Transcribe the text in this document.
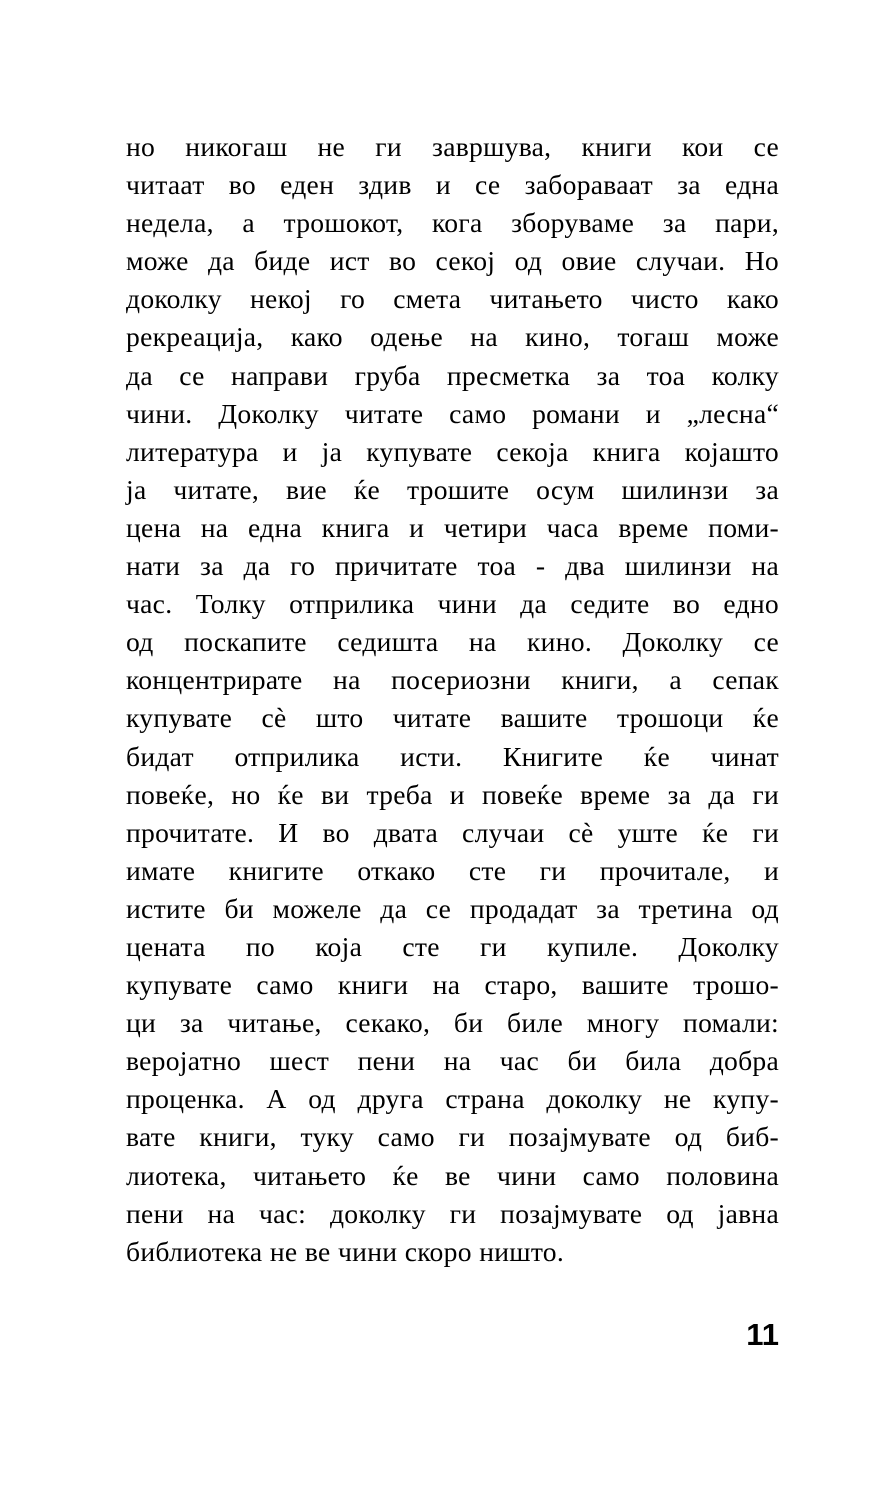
но никогаш не ги завршува, книги кои се
читаат во еден здив и се забораваат за една
недела, а трошокот, кога зборуваме за пари,
може да биде ист во секој од овие случаи. Но
доколку некој го смета читањето чисто како
рекреација, како одење на кино, тогаш може
да се направи груба пресметка за тоа колку
чини. Доколку читате само романи и „лесна“
литература и ја купувате секоја книга којашто
ја читате, вие ќе трошите осум шилинзи за
цена на една книга и четири часа време поми-
нати за да го причитате тоа - два шилинзи на
час. Толку отприлика чини да седите во едно
од поскапите седишта на кино. Доколку се
концентрирате на посериозни книги, а сепак
купувате сè што читате вашите трошоци ќе
бидат отприлика исти. Книгите ќе чинат
повеќе, но ќе ви треба и повеќе време за да ги
прочитате. И во двата случаи сè уште ќе ги
имате книгите откако сте ги прочитале, и
истите би можеле да се продадат за третина од
цената по која сте ги купиле. Доколку
купувате само книги на старо, вашите трошо-
ци за читање, секако, би биле многу помали:
веројатно шест пени на час би била добра
проценка. А од друга страна доколку не купу-
вате книги, туку само ги позајмувате од биб-
лиотека, читањето ќе ве чини само половина
пени на час: доколку ги позајмувате од јавна
библиотека не ве чини скоро ништо.
11
